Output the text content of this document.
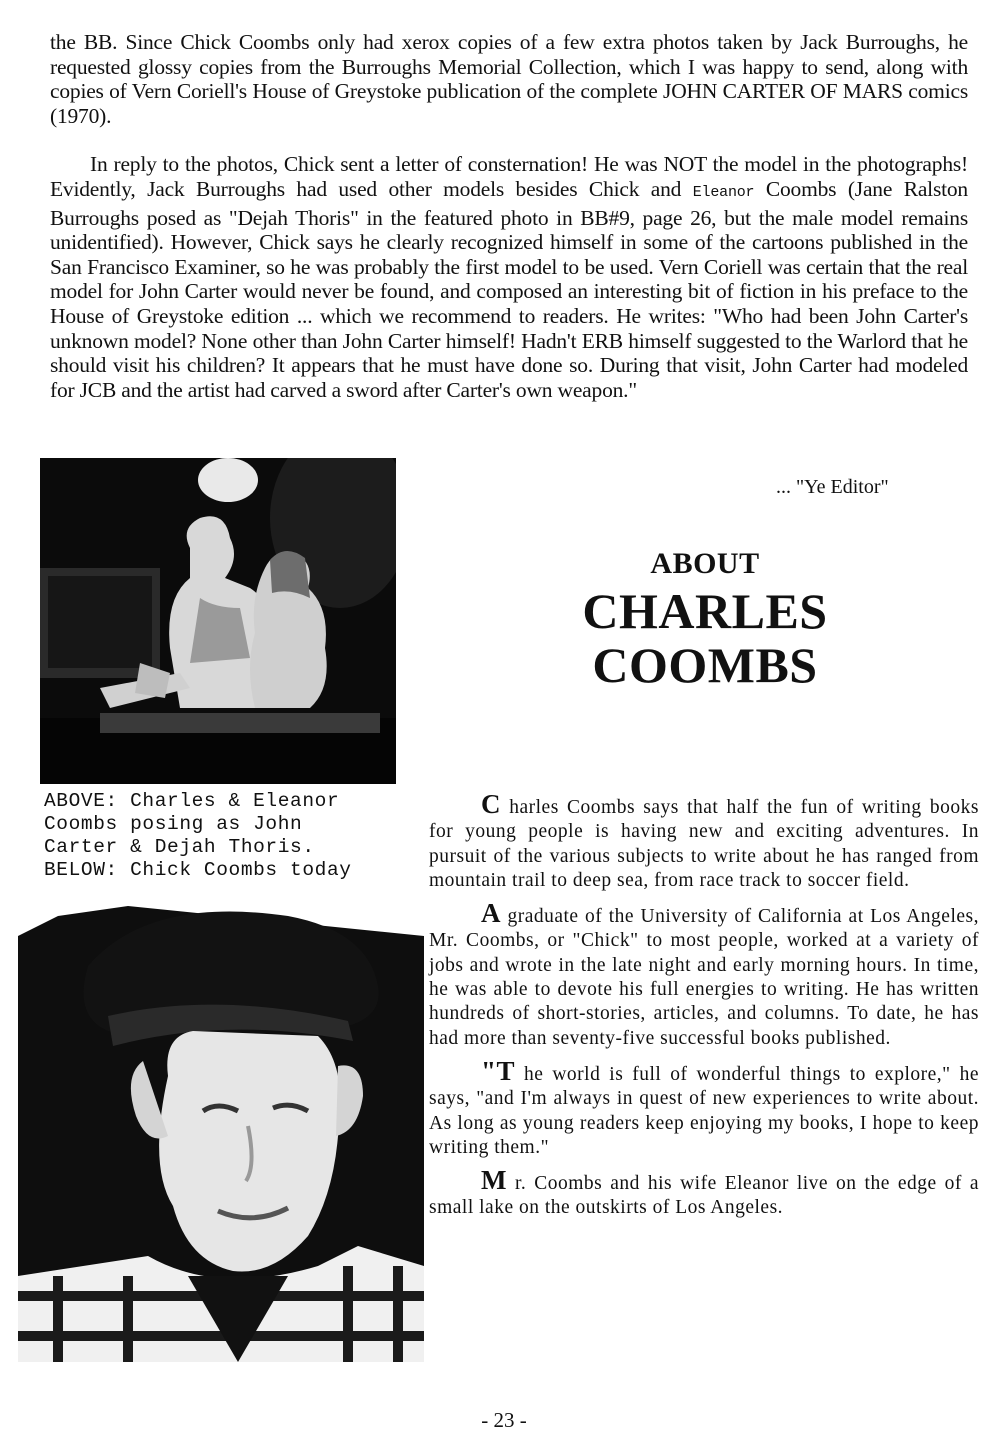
the BB. Since Chick Coombs only had xerox copies of a few extra photos taken by Jack Burroughs, he requested glossy copies from the Burroughs Memorial Collection, which I was happy to send, along with copies of Vern Coriell's House of Greystoke publication of the complete JOHN CARTER OF MARS comics (1970).

In reply to the photos, Chick sent a letter of consternation! He was NOT the model in the photographs! Evidently, Jack Burroughs had used other models besides Chick and Eleanor Coombs (Jane Ralston Burroughs posed as "Dejah Thoris" in the featured photo in BB#9, page 26, but the male model remains unidentified). However, Chick says he clearly recognized himself in some of the cartoons published in the San Francisco Examiner, so he was probably the first model to be used. Vern Coriell was certain that the real model for John Carter would never be found, and composed an interesting bit of fiction in his preface to the House of Greystoke edition ... which we recommend to readers. He writes: "Who had been John Carter's unknown model? None other than John Carter himself! Hadn't ERB himself suggested to the Warlord that he should visit his children? It appears that he must have done so. During that visit, John Carter had modeled for JCB and the artist had carved a sword after Carter's own weapon."

ABOVE: Charles & Eleanor
Coombs posing as John
Carter & Dejah Thoris.
BELOW: Chick Coombs today
... "Ye Editor"
ABOUT
CHARLES
COOMBS

C harles Coombs says that half the fun of writing books for young people is having new and exciting adventures. In pursuit of the various subjects to write about he has ranged from mountain trail to deep sea, from race track to soccer field.

A graduate of the University of California at Los Angeles, Mr. Coombs, or "Chick" to most people, worked at a variety of jobs and wrote in the late night and early morning hours. In time, he was able to devote his full energies to writing. He has written hundreds of short-stories, articles, and columns. To date, he has had more than seventy-five successful books published.

"T he world is full of wonderful things to explore," he says, "and I'm always in quest of new experiences to write about. As long as young readers keep enjoying my books, I hope to keep writing them."

M r. Coombs and his wife Eleanor live on the edge of a small lake on the outskirts of Los Angeles.

- 23 -
